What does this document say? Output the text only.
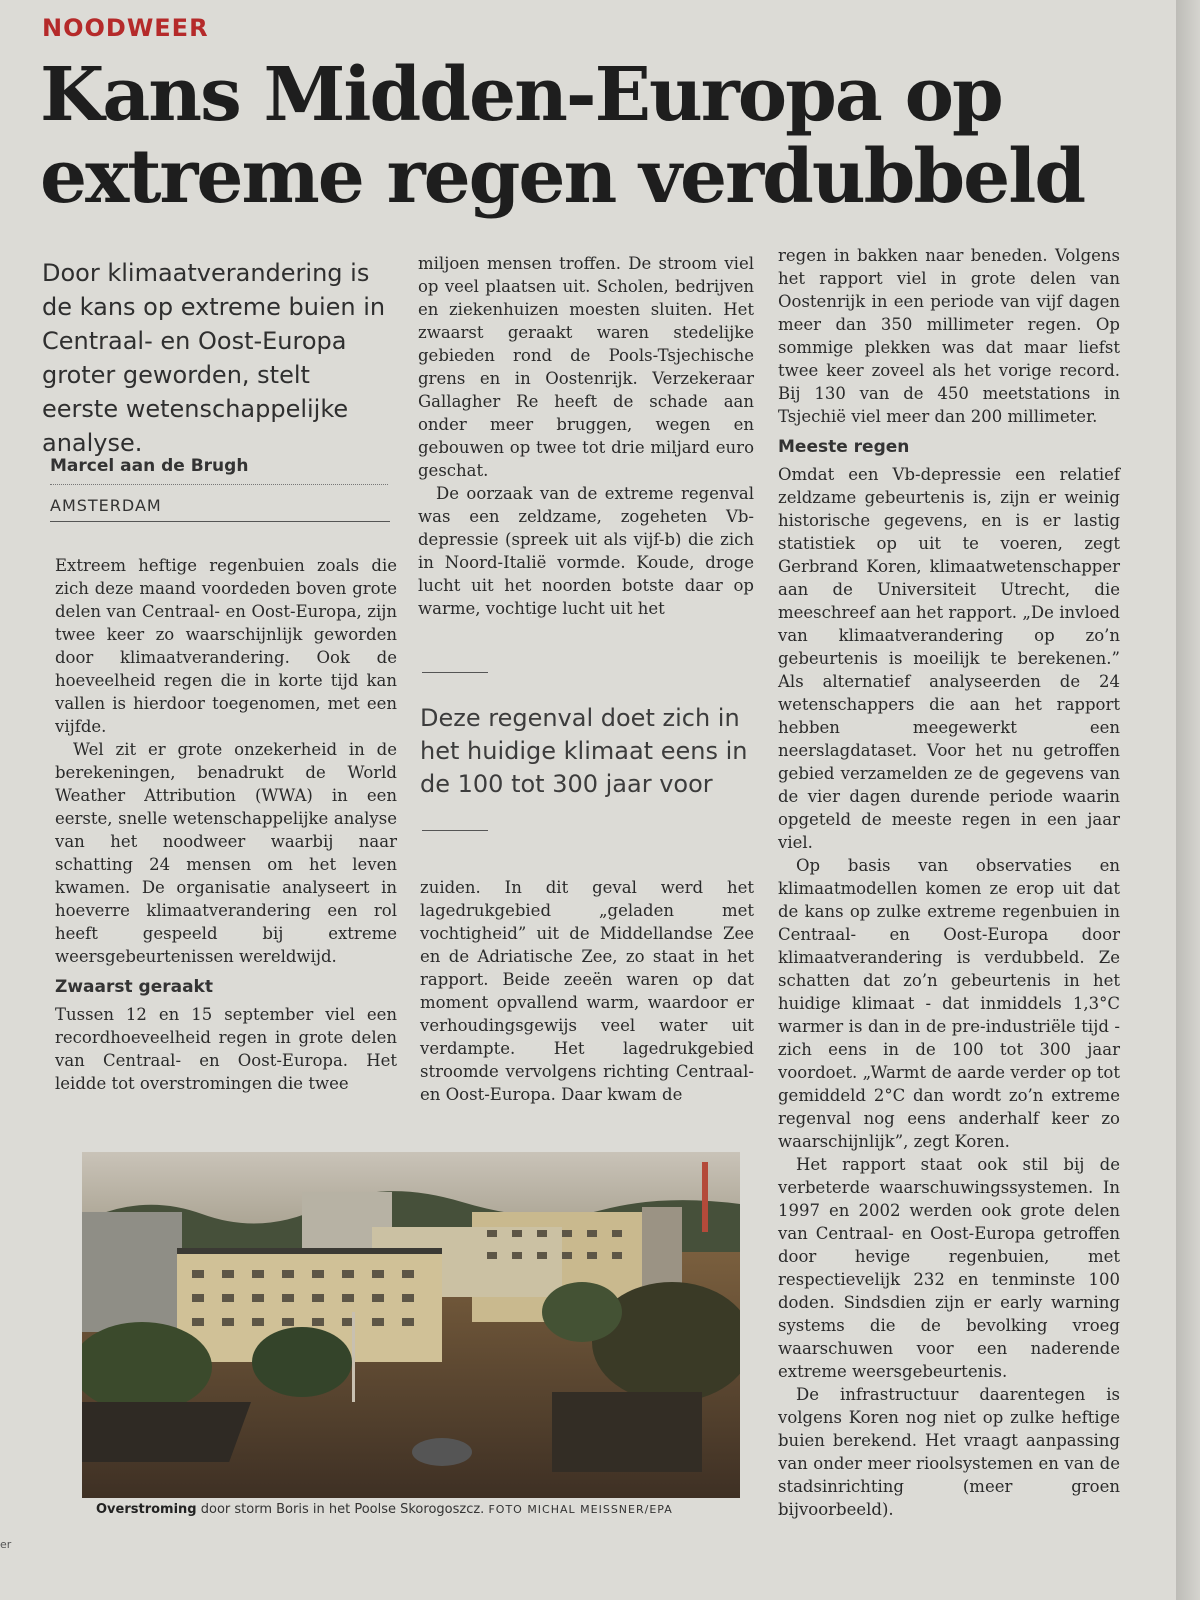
NOODWEER
Kans Midden-Europa op extreme regen verdubbeld

Door klimaatverandering is de kans op extreme buien in Centraal- en Oost-Europa groter geworden, stelt eerste wetenschappelijke analyse.

Marcel aan de Brugh
AMSTERDAM

Extreem heftige regenbuien zoals die zich deze maand voordeden boven grote delen van Centraal- en Oost-Europa, zijn twee keer zo waarschijnlijk geworden door klimaatverandering. Ook de hoeveelheid regen die in korte tijd kan vallen is hierdoor toegenomen, met een vijfde.

Wel zit er grote onzekerheid in de berekeningen, benadrukt de World Weather Attribution (WWA) in een eerste, snelle wetenschappelijke analyse van het noodweer waarbij naar schatting 24 mensen om het leven kwamen. De organisatie analyseert in hoeverre klimaatverandering een rol heeft gespeeld bij extreme weersgebeurtenissen wereldwijd.

Zwaarst geraakt

Tussen 12 en 15 september viel een recordhoeveelheid regen in grote delen van Centraal- en Oost-Europa. Het leidde tot overstromingen die twee

miljoen mensen troffen. De stroom viel op veel plaatsen uit. Scholen, bedrijven en ziekenhuizen moesten sluiten. Het zwaarst geraakt waren stedelijke gebieden rond de Pools-Tsjechische grens en in Oostenrijk. Verzekeraar Gallagher Re heeft de schade aan onder meer bruggen, wegen en gebouwen op twee tot drie miljard euro geschat.

De oorzaak van de extreme regenval was een zeldzame, zogeheten Vb-depressie (spreek uit als vijf-b) die zich in Noord-Italië vormde. Koude, droge lucht uit het noorden botste daar op warme, vochtige lucht uit het

Deze regenval doet zich in het huidige klimaat eens in de 100 tot 300 jaar voor

zuiden. In dit geval werd het lagedrukgebied „geladen met vochtigheid” uit de Middellandse Zee en de Adriatische Zee, zo staat in het rapport. Beide zeeën waren op dat moment opvallend warm, waardoor er verhoudingsgewijs veel water uit verdampte. Het lagedrukgebied stroomde vervolgens richting Centraal- en Oost-Europa. Daar kwam de

regen in bakken naar beneden. Volgens het rapport viel in grote delen van Oostenrijk in een periode van vijf dagen meer dan 350 millimeter regen. Op sommige plekken was dat maar liefst twee keer zoveel als het vorige record. Bij 130 van de 450 meetstations in Tsjechië viel meer dan 200 millimeter.

Meeste regen

Omdat een Vb-depressie een relatief zeldzame gebeurtenis is, zijn er weinig historische gegevens, en is er lastig statistiek op uit te voeren, zegt Gerbrand Koren, klimaatwetenschapper aan de Universiteit Utrecht, die meeschreef aan het rapport. „De invloed van klimaatverandering op zo’n gebeurtenis is moeilijk te berekenen.” Als alternatief analyseerden de 24 wetenschappers die aan het rapport hebben meegewerkt een neerslagdataset. Voor het nu getroffen gebied verzamelden ze de gegevens van de vier dagen durende periode waarin opgeteld de meeste regen in een jaar viel.

Op basis van observaties en klimaatmodellen komen ze erop uit dat de kans op zulke extreme regenbuien in Centraal- en Oost-Europa door klimaatverandering is verdubbeld. Ze schatten dat zo’n gebeurtenis in het huidige klimaat - dat inmiddels 1,3°C warmer is dan in de pre-industriële tijd - zich eens in de 100 tot 300 jaar voordoet. „Warmt de aarde verder op tot gemiddeld 2°C dan wordt zo’n extreme regenval nog eens anderhalf keer zo waarschijnlijk”, zegt Koren.

Het rapport staat ook stil bij de verbeterde waarschuwingssystemen. In 1997 en 2002 werden ook grote delen van Centraal- en Oost-Europa getroffen door hevige regenbuien, met respectievelijk 232 en tenminste 100 doden. Sindsdien zijn er early warning systems die de bevolking vroeg waarschuwen voor een naderende extreme weersgebeurtenis.

De infrastructuur daarentegen is volgens Koren nog niet op zulke heftige buien berekend. Het vraagt aanpassing van onder meer rioolsystemen en van de stadsinrichting (meer groen bijvoorbeeld).

Overstroming door storm Boris in het Poolse Skorogoszcz. FOTO MICHAL MEISSNER/EPA
er
